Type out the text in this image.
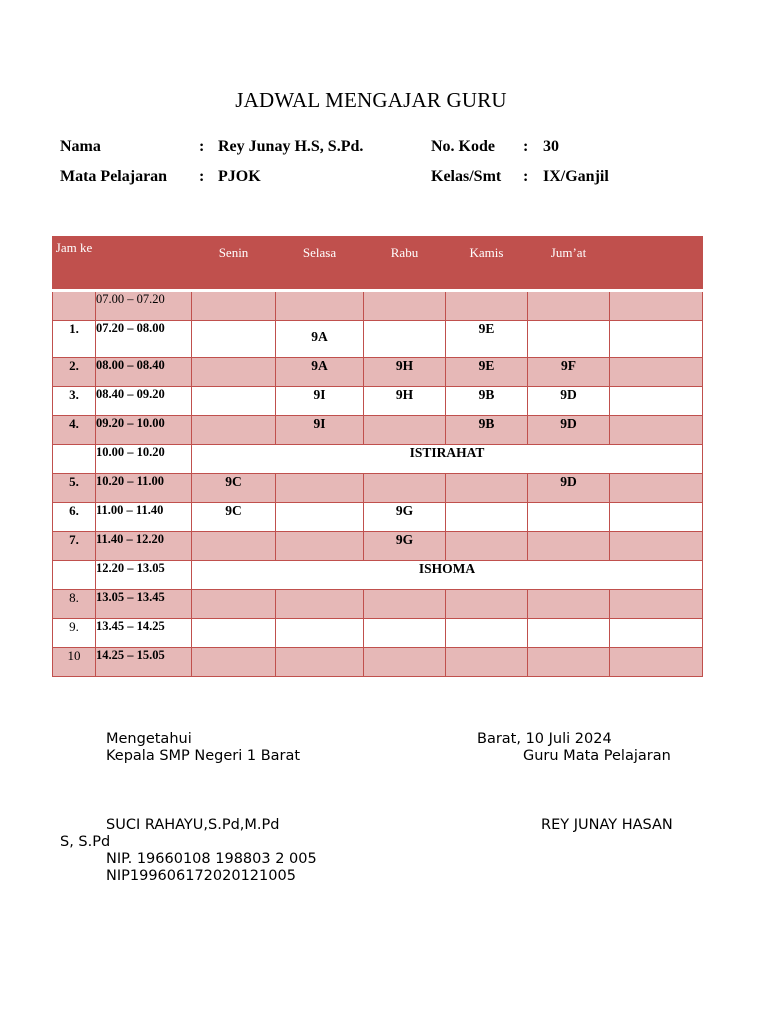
JADWAL MENGAJAR GURU
Nama	: Rey Junay H.S, S.Pd.	No. Kode : 30
Mata Pelajaran : PJOK	Kelas/Smt : IX/Ganjil
Jam ke		Senin	Selasa	Rabu	Kamis	Jum’at	
	07.00 – 07.20						
1.	07.20 – 08.00		9A		9E		
2.	08.00 – 08.40		9A	9H	9E	9F	
3.	08.40 – 09.20		9I	9H	9B	9D	
4.	09.20 – 10.00		9I		9B	9D	
	10.00 – 10.20	ISTIRAHAT					
5.	10.20 – 11.00	9C				9D	
6.	11.00 – 11.40	9C		9G			
7.	11.40 – 12.20			9G			
	12.20 – 13.05	ISHOMA					
8.	13.05 – 13.45						
9.	13.45 – 14.25						
10	14.25 – 15.05						
Mengetahui
Kepala SMP Negeri 1 Barat
Barat, 10 Juli 2024
Guru Mata Pelajaran
SUCI RAHAYU,S.Pd,M.Pd	REY JUNAY HASAN
S, S.Pd
NIP. 19660108 198803 2 005
NIP199606172020121005
